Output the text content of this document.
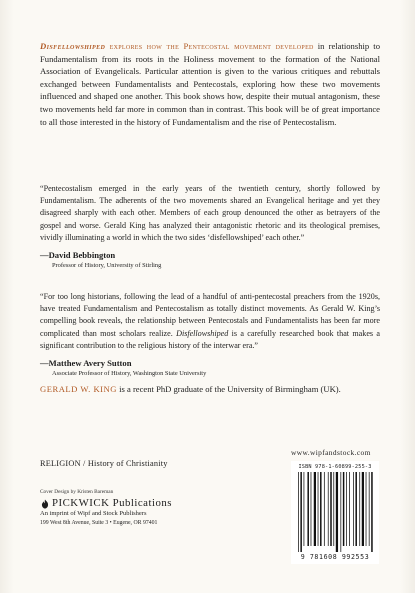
Disfellowshiped explores how the Pentecostal movement developed in relationship to Fundamentalism from its roots in the Holiness movement to the formation of the National Association of Evangelicals. Particular attention is given to the various critiques and rebuttals exchanged between Fundamentalists and Pentecostals, exploring how these two movements influenced and shaped one another. This book shows how, despite their mutual antagonism, these two movements held far more in common than in contrast. This book will be of great importance to all those interested in the history of Fundamentalism and the rise of Pentecostalism.
“Pentecostalism emerged in the early years of the twentieth century, shortly followed by Fundamentalism. The adherents of the two movements shared an Evangelical heritage and yet they disagreed sharply with each other. Members of each group denounced the other as betrayers of the gospel and worse. Gerald King has analyzed their antagonistic rhetoric and its theological premises, vividly illuminating a world in which the two sides ‘disfellowshiped’ each other.”
—David Bebbington
Professor of History, University of Stirling
“For too long historians, following the lead of a handful of anti-pentecostal preachers from the 1920s, have treated Fundamentalism and Pentecostalism as totally distinct movements. As Gerald W. King’s compelling book reveals, the relationship between Pentecostals and Fundamentalists has been far more complicated than most scholars realize. Disfellowshiped is a carefully researched book that makes a significant contribution to the religious history of the interwar era.”
—Matthew Avery Sutton
Associate Professor of History, Washington State University
GERALD W. KING is a recent PhD graduate of the University of Birmingham (UK).
RELIGION / History of Christianity
Cover Design by Kristen Bareman
PICKWICK Publications
An imprint of Wipf and Stock Publishers
199 West 8th Avenue, Suite 3 • Eugene, OR 97401
www.wipfandstock.com
ISBN 978-1-60899-255-3
9 781608 992553
